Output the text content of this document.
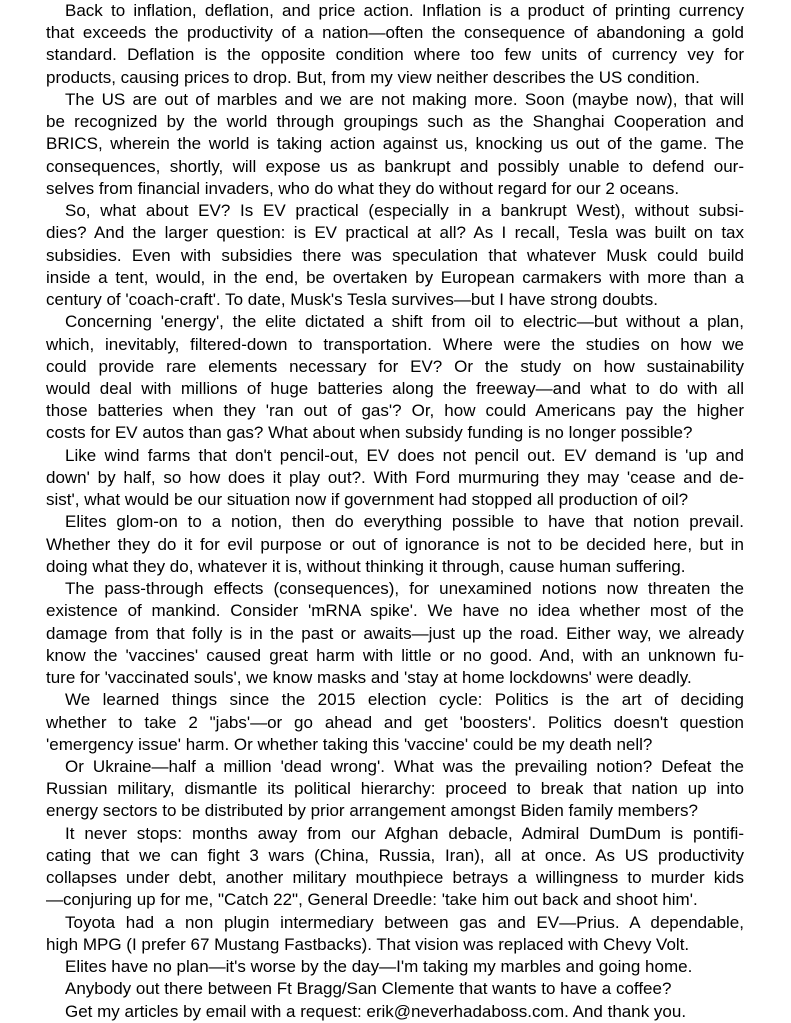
Back to inflation, deflation, and price action. Inflation is a product of printing currency
that exceeds the productivity of a nation—often the consequence of abandoning a gold
standard. Deflation is the opposite condition where too few units of currency vey for
products, causing prices to drop. But, from my view neither describes the US condition.
The US are out of marbles and we are not making more. Soon (maybe now), that will
be recognized by the world through groupings such as the Shanghai Cooperation and
BRICS, wherein the world is taking action against us, knocking us out of the game. The
consequences, shortly, will expose us as bankrupt and possibly unable to defend our-
selves from financial invaders, who do what they do without regard for our 2 oceans.
So, what about EV? Is EV practical (especially in a bankrupt West), without subsi-
dies? And the larger question: is EV practical at all? As I recall, Tesla was built on tax
subsidies. Even with subsidies there was speculation that whatever Musk could build
inside a tent, would, in the end, be overtaken by European carmakers with more than a
century of 'coach-craft'. To date, Musk's Tesla survives—but I have strong doubts.
Concerning 'energy', the elite dictated a shift from oil to electric—but without a plan,
which, inevitably, filtered-down to transportation. Where were the studies on how we
could provide rare elements necessary for EV? Or the study on how sustainability
would deal with millions of huge batteries along the freeway—and what to do with all
those batteries when they 'ran out of gas'? Or, how could Americans pay the higher
costs for EV autos than gas? What about when subsidy funding is no longer possible?
Like wind farms that don't pencil-out, EV does not pencil out. EV demand is 'up and
down' by half, so how does it play out?. With Ford murmuring they may 'cease and de-
sist', what would be our situation now if government had stopped all production of oil?
Elites glom-on to a notion, then do everything possible to have that notion prevail.
Whether they do it for evil purpose or out of ignorance is not to be decided here, but in
doing what they do, whatever it is, without thinking it through, cause human suffering.
The pass-through effects (consequences), for unexamined notions now threaten the
existence of mankind. Consider 'mRNA spike'. We have no idea whether most of the
damage from that folly is in the past or awaits—just up the road. Either way, we already
know the 'vaccines' caused great harm with little or no good. And, with an unknown fu-
ture for 'vaccinated souls', we know masks and 'stay at home lockdowns' were deadly.
We learned things since the 2015 election cycle: Politics is the art of deciding
whether to take 2 "jabs'—or go ahead and get 'boosters'. Politics doesn't question
'emergency issue' harm. Or whether taking this 'vaccine' could be my death nell?
Or Ukraine—half a million 'dead wrong'. What was the prevailing notion? Defeat the
Russian military, dismantle its political hierarchy: proceed to break that nation up into
energy sectors to be distributed by prior arrangement amongst Biden family members?
It never stops: months away from our Afghan debacle, Admiral DumDum is pontifi-
cating that we can fight 3 wars (China, Russia, Iran), all at once. As US productivity
collapses under debt, another military mouthpiece betrays a willingness to murder kids
—conjuring up for me, "Catch 22", General Dreedle: 'take him out back and shoot him'.
Toyota had a non plugin intermediary between gas and EV—Prius. A dependable,
high MPG (I prefer 67 Mustang Fastbacks). That vision was replaced with Chevy Volt.
Elites have no plan—it's worse by the day—I'm taking my marbles and going home.
Anybody out there between Ft Bragg/San Clemente that wants to have a coffee?
Get my articles by email with a request: erik@neverhadaboss.com. And thank you.
